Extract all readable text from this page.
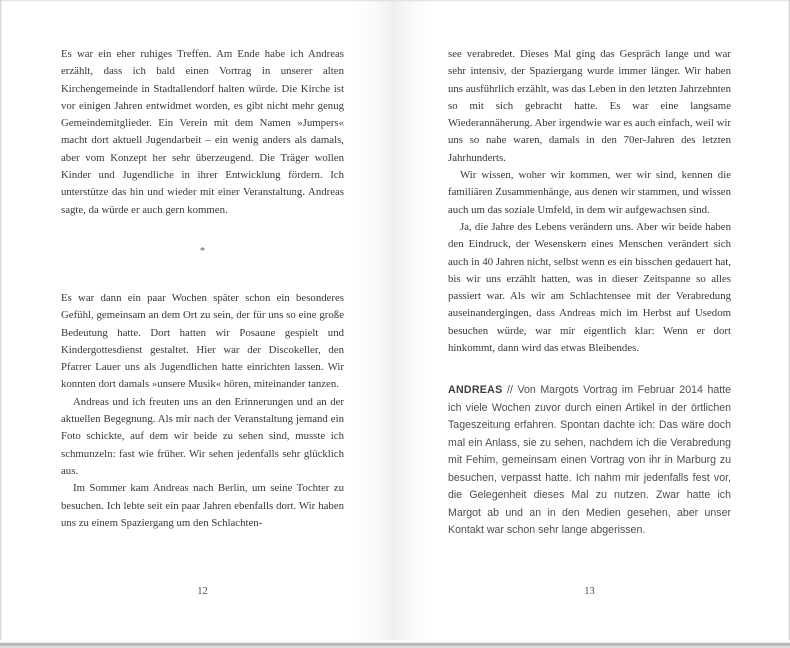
Es war ein eher ruhiges Treffen. Am Ende habe ich Andreas erzählt, dass ich bald einen Vortrag in unserer alten Kirchengemeinde in Stadtallendorf halten würde. Die Kirche ist vor einigen Jahren entwidmet worden, es gibt nicht mehr genug Gemeindemitglieder. Ein Verein mit dem Namen »Jumpers« macht dort aktuell Jugendarbeit – ein wenig anders als damals, aber vom Konzept her sehr überzeugend. Die Träger wollen Kinder und Jugendliche in ihrer Entwicklung fördern. Ich unterstütze das hin und wieder mit einer Veranstaltung. Andreas sagte, da würde er auch gern kommen.

*

Es war dann ein paar Wochen später schon ein besonderes Gefühl, gemeinsam an dem Ort zu sein, der für uns so eine große Bedeutung hatte. Dort hatten wir Posaune gespielt und Kindergottesdienst gestaltet. Hier war der Discokeller, den Pfarrer Lauer uns als Jugendlichen hatte einrichten lassen. Wir konnten dort damals »unsere Musik« hören, miteinander tanzen.

Andreas und ich freuten uns an den Erinnerungen und an der aktuellen Begegnung. Als mir nach der Veranstaltung jemand ein Foto schickte, auf dem wir beide zu sehen sind, musste ich schmunzeln: fast wie früher. Wir sehen jedenfalls sehr glücklich aus.

Im Sommer kam Andreas nach Berlin, um seine Tochter zu besuchen. Ich lebte seit ein paar Jahren ebenfalls dort. Wir haben uns zu einem Spaziergang um den Schlachten-

12

see verabredet. Dieses Mal ging das Gespräch lange und war sehr intensiv, der Spaziergang wurde immer länger. Wir haben uns ausführlich erzählt, was das Leben in den letzten Jahrzehnten so mit sich gebracht hatte. Es war eine langsame Wiederannäherung. Aber irgendwie war es auch einfach, weil wir uns so nahe waren, damals in den 70er-Jahren des letzten Jahrhunderts.

Wir wissen, woher wir kommen, wer wir sind, kennen die familiären Zusammenhänge, aus denen wir stammen, und wissen auch um das soziale Umfeld, in dem wir aufgewachsen sind.

Ja, die Jahre des Lebens verändern uns. Aber wir beide haben den Eindruck, der Wesenskern eines Menschen verändert sich auch in 40 Jahren nicht, selbst wenn es ein bisschen gedauert hat, bis wir uns erzählt hatten, was in dieser Zeitspanne so alles passiert war. Als wir am Schlachtensee mit der Verabredung auseinandergingen, dass Andreas mich im Herbst auf Usedom besuchen würde, war mir eigentlich klar: Wenn er dort hinkommt, dann wird das etwas Bleibendes.

ANDREAS // Von Margots Vortrag im Februar 2014 hatte ich viele Wochen zuvor durch einen Artikel in der örtlichen Tageszeitung erfahren. Spontan dachte ich: Das wäre doch mal ein Anlass, sie zu sehen, nachdem ich die Verabredung mit Fehim, gemeinsam einen Vortrag von ihr in Marburg zu besuchen, verpasst hatte. Ich nahm mir jedenfalls fest vor, die Gelegenheit dieses Mal zu nutzen. Zwar hatte ich Margot ab und an in den Medien gesehen, aber unser Kontakt war schon sehr lange abgerissen.

13
